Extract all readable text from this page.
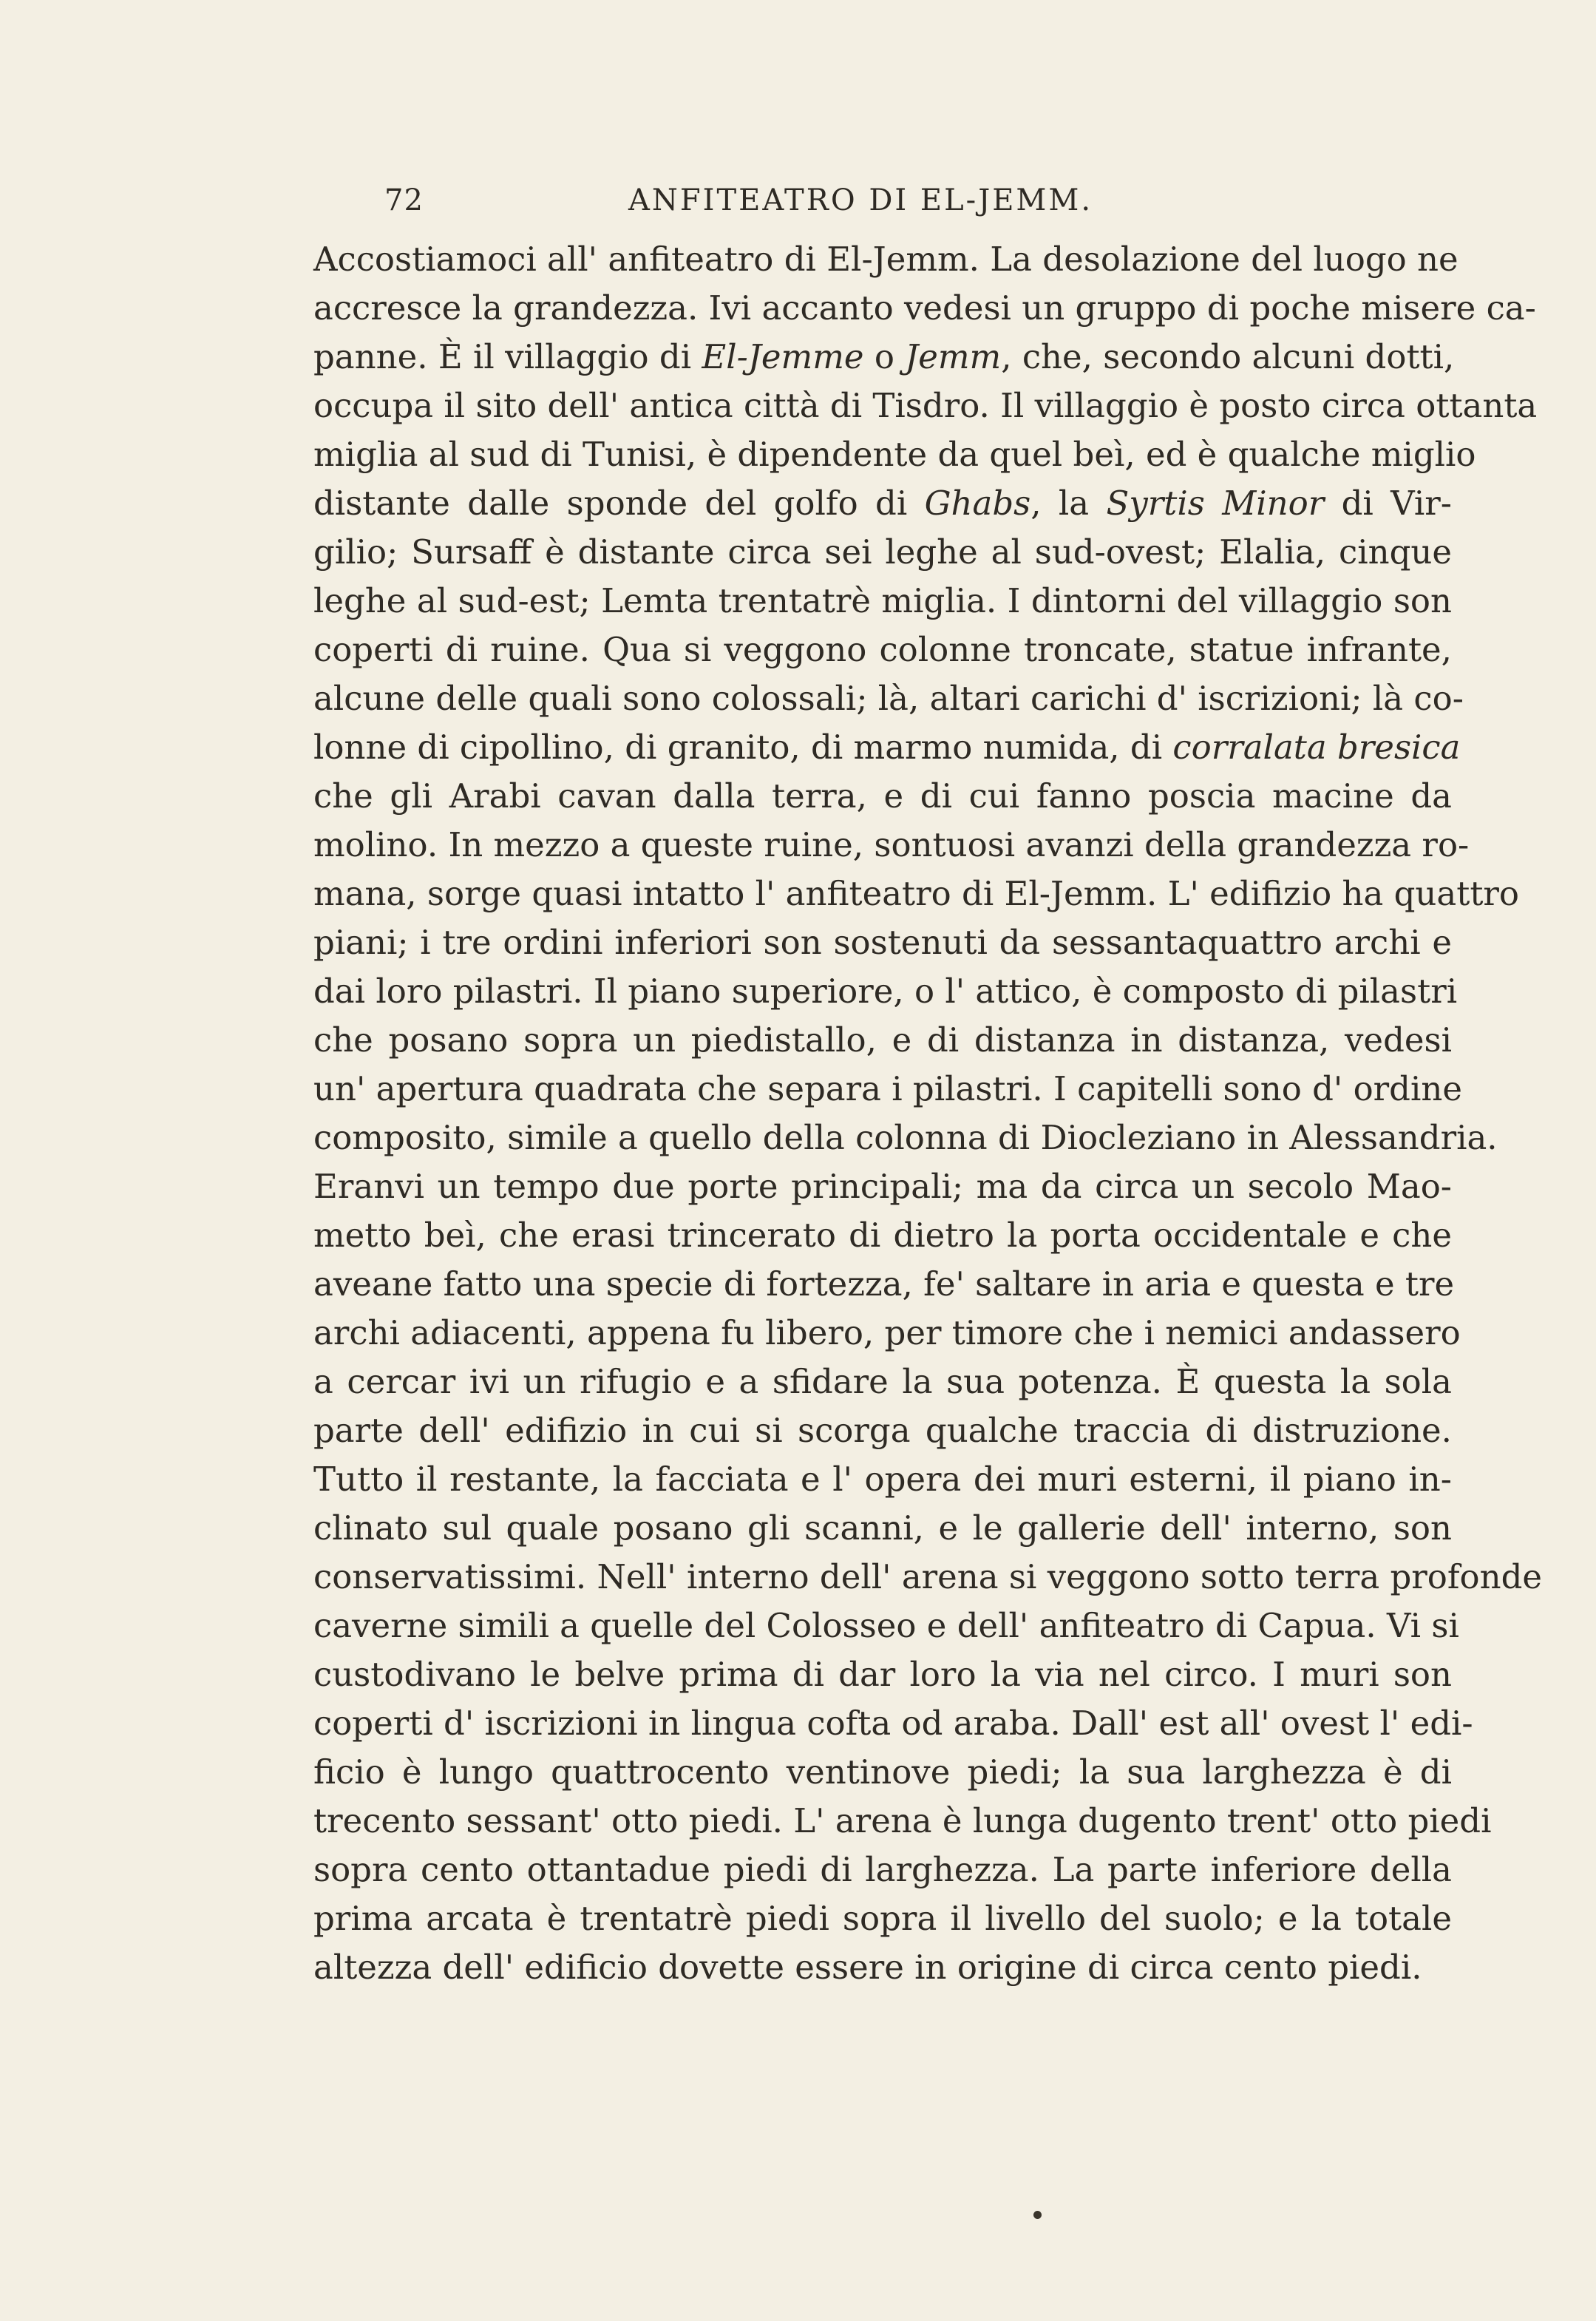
72	ANFITEATRO DI EL-JEMM.
Accostiamoci all' anfiteatro di El-Jemm. La desolazione del luogo ne
accresce la grandezza. Ivi accanto vedesi un gruppo di poche misere ca-
panne. È il villaggio di El-Jemme o Jemm, che, secondo alcuni dotti,
occupa il sito dell' antica città di Tisdro. Il villaggio è posto circa ottanta
miglia al sud di Tunisi, è dipendente da quel beì, ed è qualche miglio
distante dalle sponde del golfo di Ghabs, la Syrtis Minor di Vir-
gilio; Sursaff è distante circa sei leghe al sud-ovest; Elalia, cinque
leghe al sud-est; Lemta trentatrè miglia. I dintorni del villaggio son
coperti di ruine. Qua si veggono colonne troncate, statue infrante,
alcune delle quali sono colossali; là, altari carichi d' iscrizioni; là co-
lonne di cipollino, di granito, di marmo numida, di corralata bresica
che gli Arabi cavan dalla terra, e di cui fanno poscia macine da
molino. In mezzo a queste ruine, sontuosi avanzi della grandezza ro-
mana, sorge quasi intatto l' anfiteatro di El-Jemm. L' edifizio ha quattro
piani; i tre ordini inferiori son sostenuti da sessantaquattro archi e
dai loro pilastri. Il piano superiore, o l' attico, è composto di pilastri
che posano sopra un piedistallo, e di distanza in distanza, vedesi
un' apertura quadrata che separa i pilastri. I capitelli sono d' ordine
composito, simile a quello della colonna di Diocleziano in Alessandria.
Eranvi un tempo due porte principali; ma da circa un secolo Mao-
metto beì, che erasi trincerato di dietro la porta occidentale e che
aveane fatto una specie di fortezza, fe' saltare in aria e questa e tre
archi adiacenti, appena fu libero, per timore che i nemici andassero
a cercar ivi un rifugio e a sfidare la sua potenza. È questa la sola
parte dell' edifizio in cui si scorga qualche traccia di distruzione.
Tutto il restante, la facciata e l' opera dei muri esterni, il piano in-
clinato sul quale posano gli scanni, e le gallerie dell' interno, son
conservatissimi. Nell' interno dell' arena si veggono sotto terra profonde
caverne simili a quelle del Colosseo e dell' anfiteatro di Capua. Vi si
custodivano le belve prima di dar loro la via nel circo. I muri son
coperti d' iscrizioni in lingua cofta od araba. Dall' est all' ovest l' edi-
ficio è lungo quattrocento ventinove piedi; la sua larghezza è di
trecento sessant' otto piedi. L' arena è lunga dugento trent' otto piedi
sopra cento ottantadue piedi di larghezza. La parte inferiore della
prima arcata è trentatrè piedi sopra il livello del suolo; e la totale
altezza dell' edificio dovette essere in origine di circa cento piedi.
